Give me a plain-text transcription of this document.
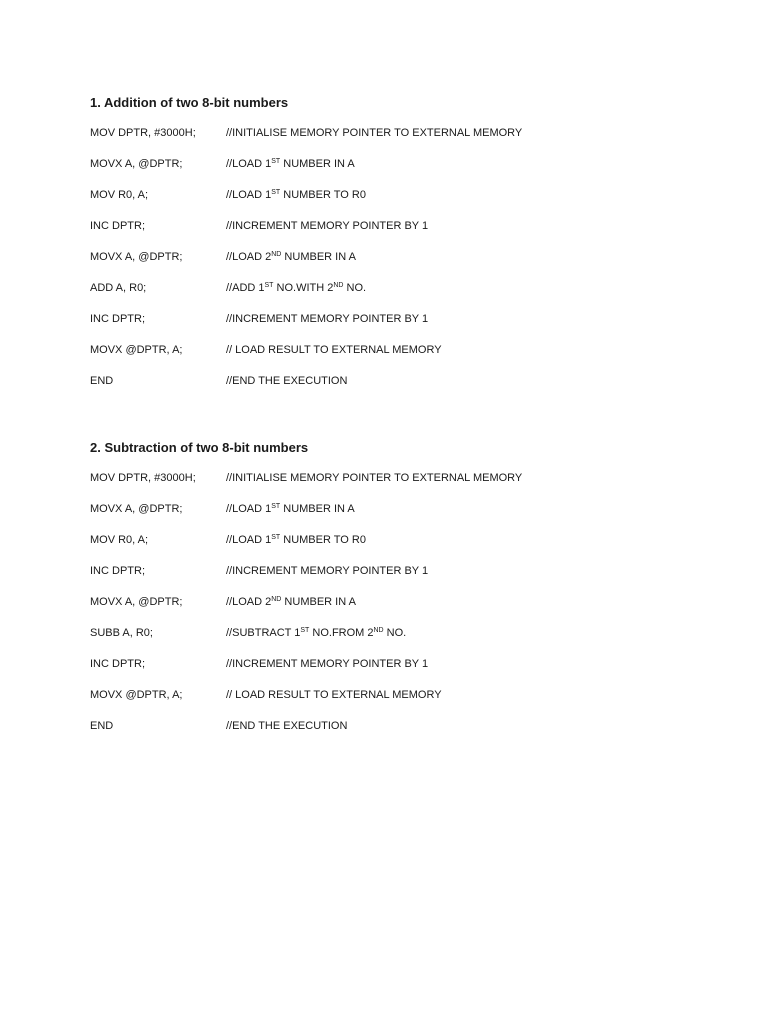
1. Addition of two 8-bit numbers
MOV DPTR, #3000H;	//INITIALISE MEMORY POINTER TO EXTERNAL MEMORY
MOVX A, @DPTR;	//LOAD 1ST NUMBER IN A
MOV R0, A;	//LOAD 1ST NUMBER TO R0
INC DPTR;	//INCREMENT MEMORY POINTER BY 1
MOVX A, @DPTR;	//LOAD 2ND NUMBER IN A
ADD A, R0;	//ADD 1ST NO.WITH 2ND NO.
INC DPTR;	//INCREMENT MEMORY POINTER BY 1
MOVX @DPTR, A;	// LOAD RESULT TO EXTERNAL MEMORY
END	//END THE EXECUTION
2. Subtraction of two 8-bit numbers
MOV DPTR, #3000H;	//INITIALISE MEMORY POINTER TO EXTERNAL MEMORY
MOVX A, @DPTR;	//LOAD 1ST NUMBER IN A
MOV R0, A;	//LOAD 1ST NUMBER TO R0
INC DPTR;	//INCREMENT MEMORY POINTER BY 1
MOVX A, @DPTR;	//LOAD 2ND NUMBER IN A
SUBB A, R0;	//SUBTRACT 1ST NO.FROM 2ND NO.
INC DPTR;	//INCREMENT MEMORY POINTER BY 1
MOVX @DPTR, A;	// LOAD RESULT TO EXTERNAL MEMORY
END	//END THE EXECUTION
